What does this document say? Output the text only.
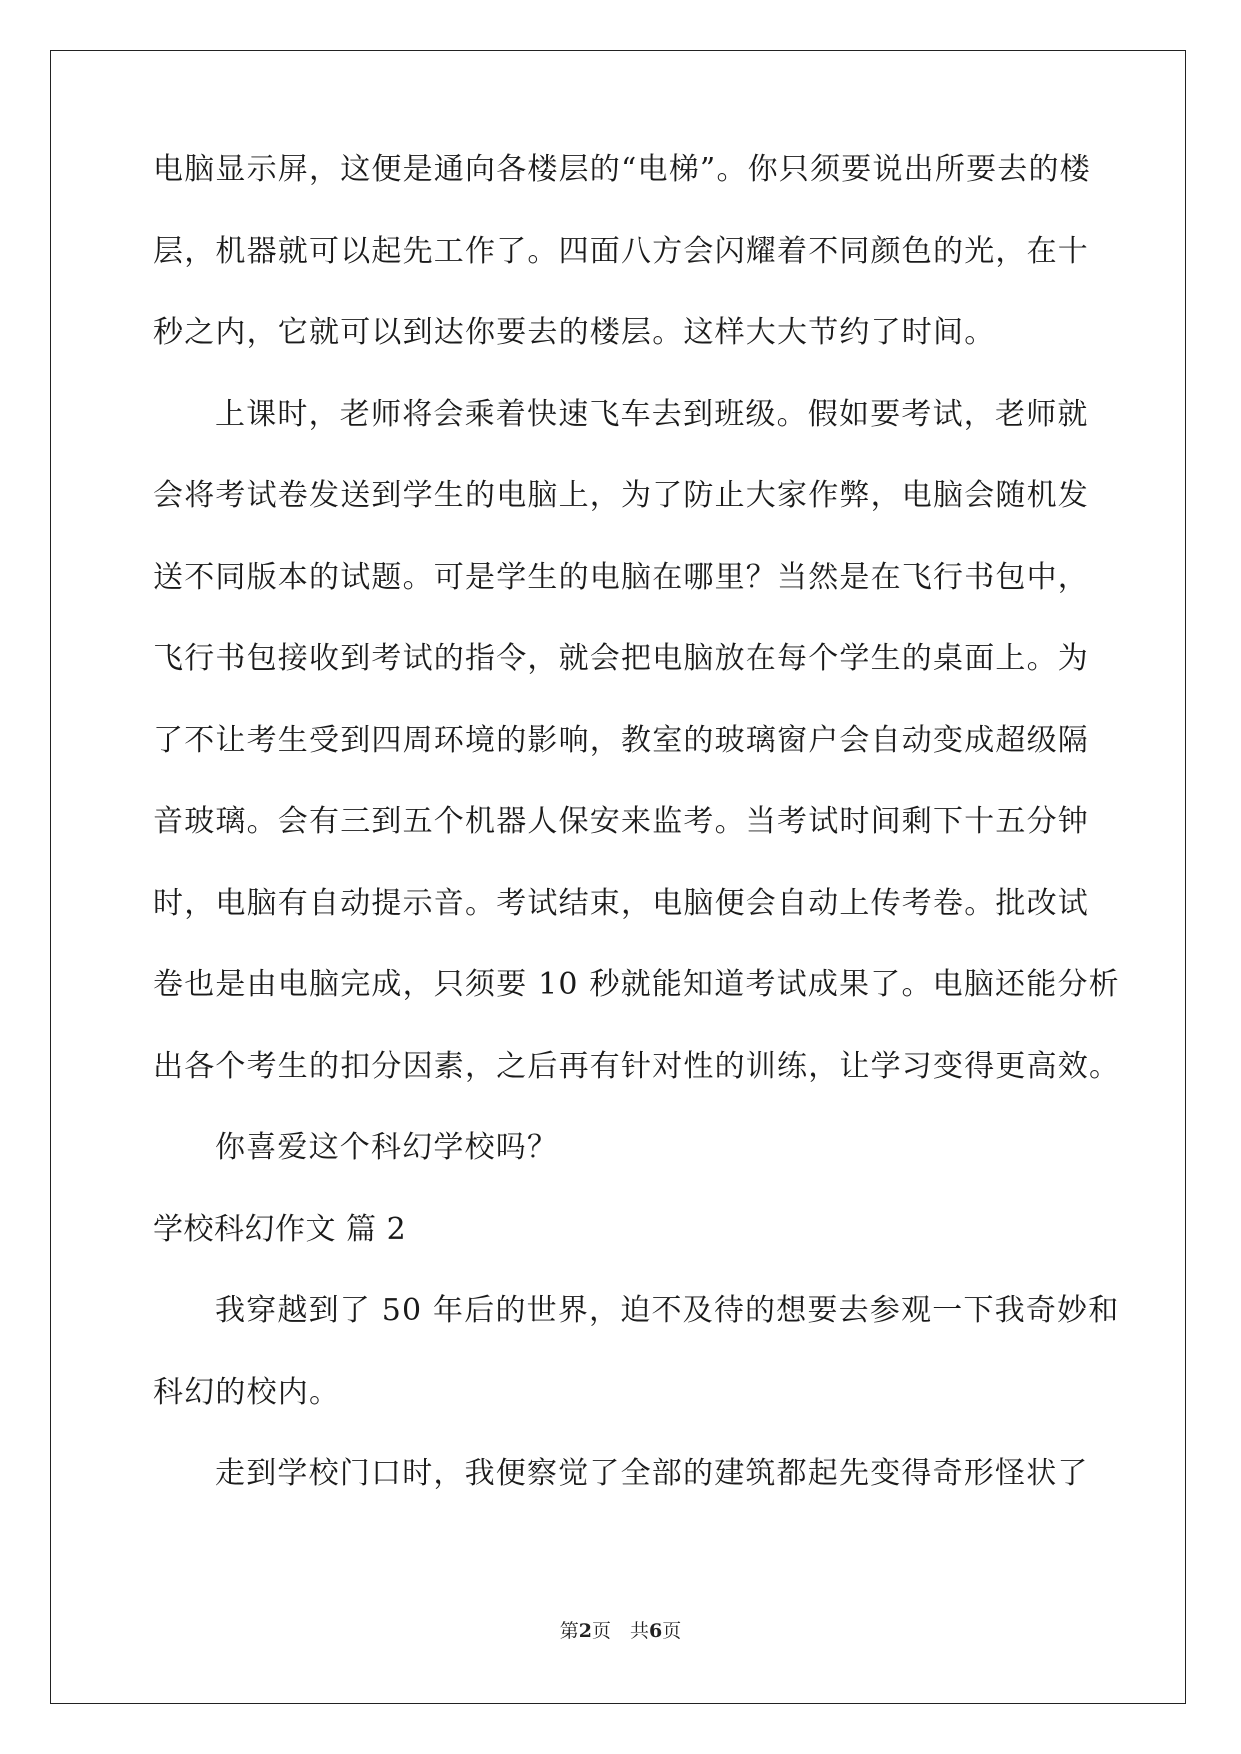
电脑显示屏，这便是通向各楼层的“电梯”。你只须要说出所要去的楼
层，机器就可以起先工作了。四面八方会闪耀着不同颜色的光，在十
秒之内，它就可以到达你要去的楼层。这样大大节约了时间。
上课时，老师将会乘着快速飞车去到班级。假如要考试，老师就
会将考试卷发送到学生的电脑上，为了防止大家作弊，电脑会随机发
送不同版本的试题。可是学生的电脑在哪里？当然是在飞行书包中，
飞行书包接收到考试的指令，就会把电脑放在每个学生的桌面上。为
了不让考生受到四周环境的影响，教室的玻璃窗户会自动变成超级隔
音玻璃。会有三到五个机器人保安来监考。当考试时间剩下十五分钟
时，电脑有自动提示音。考试结束，电脑便会自动上传考卷。批改试
卷也是由电脑完成，只须要 10 秒就能知道考试成果了。电脑还能分析
出各个考生的扣分因素，之后再有针对性的训练，让学习变得更高效。
你喜爱这个科幻学校吗？
学校科幻作文 篇 2
我穿越到了 50 年后的世界，迫不及待的想要去参观一下我奇妙和
科幻的校内。
走到学校门口时，我便察觉了全部的建筑都起先变得奇形怪状了
第2页　共6页
